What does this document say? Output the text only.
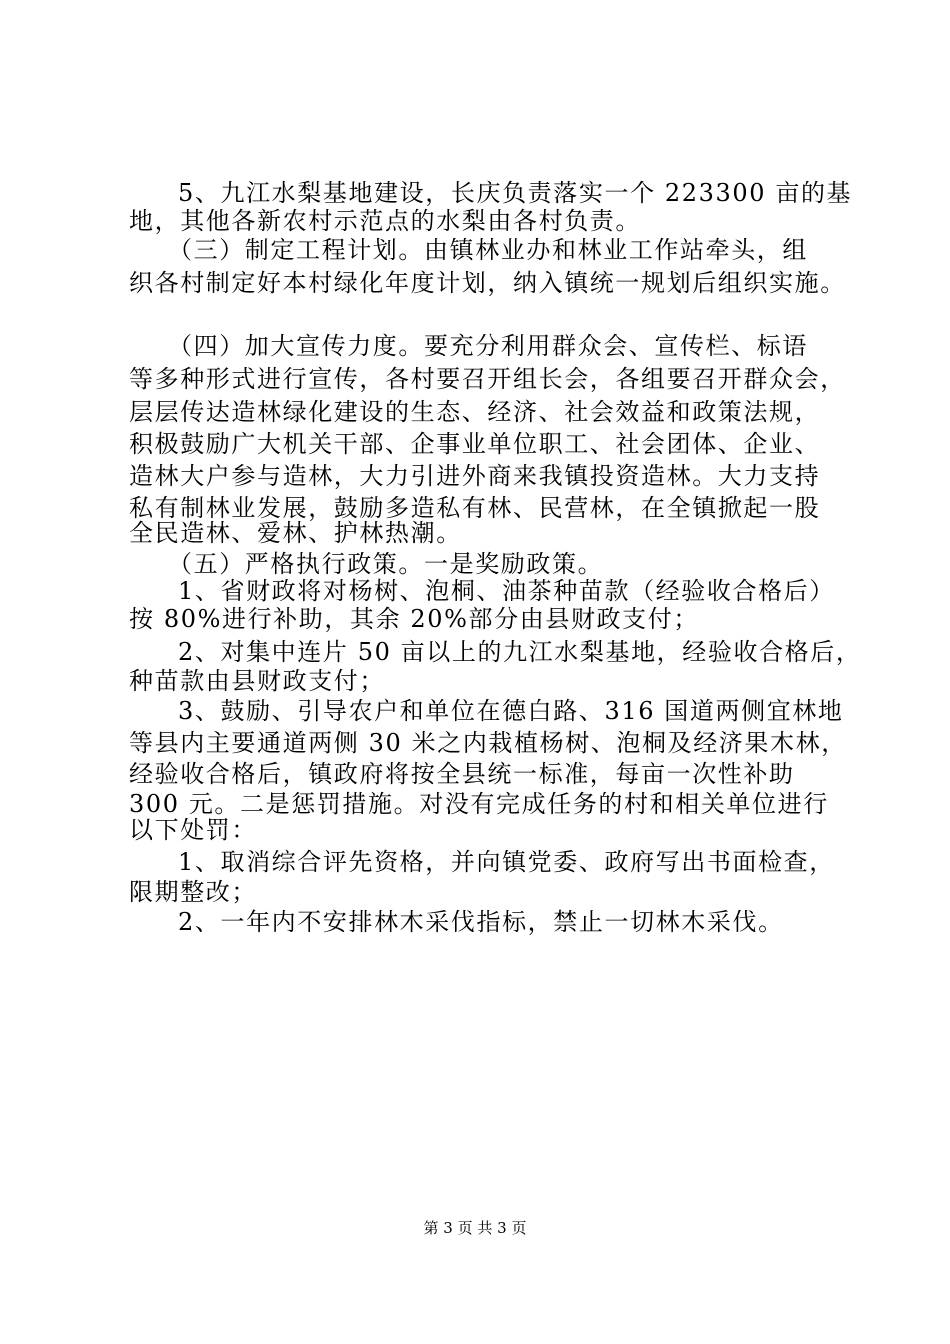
5、九江水梨基地建设，长庆负责落实一个 223300 亩的基
地，其他各新农村示范点的水梨由各村负责。
（三）制定工程计划。由镇林业办和林业工作站牵头，组
织各村制定好本村绿化年度计划，纳入镇统一规划后组织实施。
（四）加大宣传力度。要充分利用群众会、宣传栏、标语
等多种形式进行宣传，各村要召开组长会，各组要召开群众会，
层层传达造林绿化建设的生态、经济、社会效益和政策法规，
积极鼓励广大机关干部、企事业单位职工、社会团体、企业、
造林大户参与造林，大力引进外商来我镇投资造林。大力支持
私有制林业发展，鼓励多造私有林、民营林，在全镇掀起一股
全民造林、爱林、护林热潮。
（五）严格执行政策。一是奖励政策。
1、省财政将对杨树、泡桐、油茶种苗款（经验收合格后）
按 80%进行补助，其余 20%部分由县财政支付；
2、对集中连片 50 亩以上的九江水梨基地，经验收合格后，
种苗款由县财政支付；
3、鼓励、引导农户和单位在德白路、316 国道两侧宜林地
等县内主要通道两侧 30 米之内栽植杨树、泡桐及经济果木林，
经验收合格后，镇政府将按全县统一标准，每亩一次性补助
300 元。二是惩罚措施。对没有完成任务的村和相关单位进行
以下处罚：
1、取消综合评先资格，并向镇党委、政府写出书面检查，
限期整改；
2、一年内不安排林木采伐指标，禁止一切林木采伐。
第 3 页 共 3 页
